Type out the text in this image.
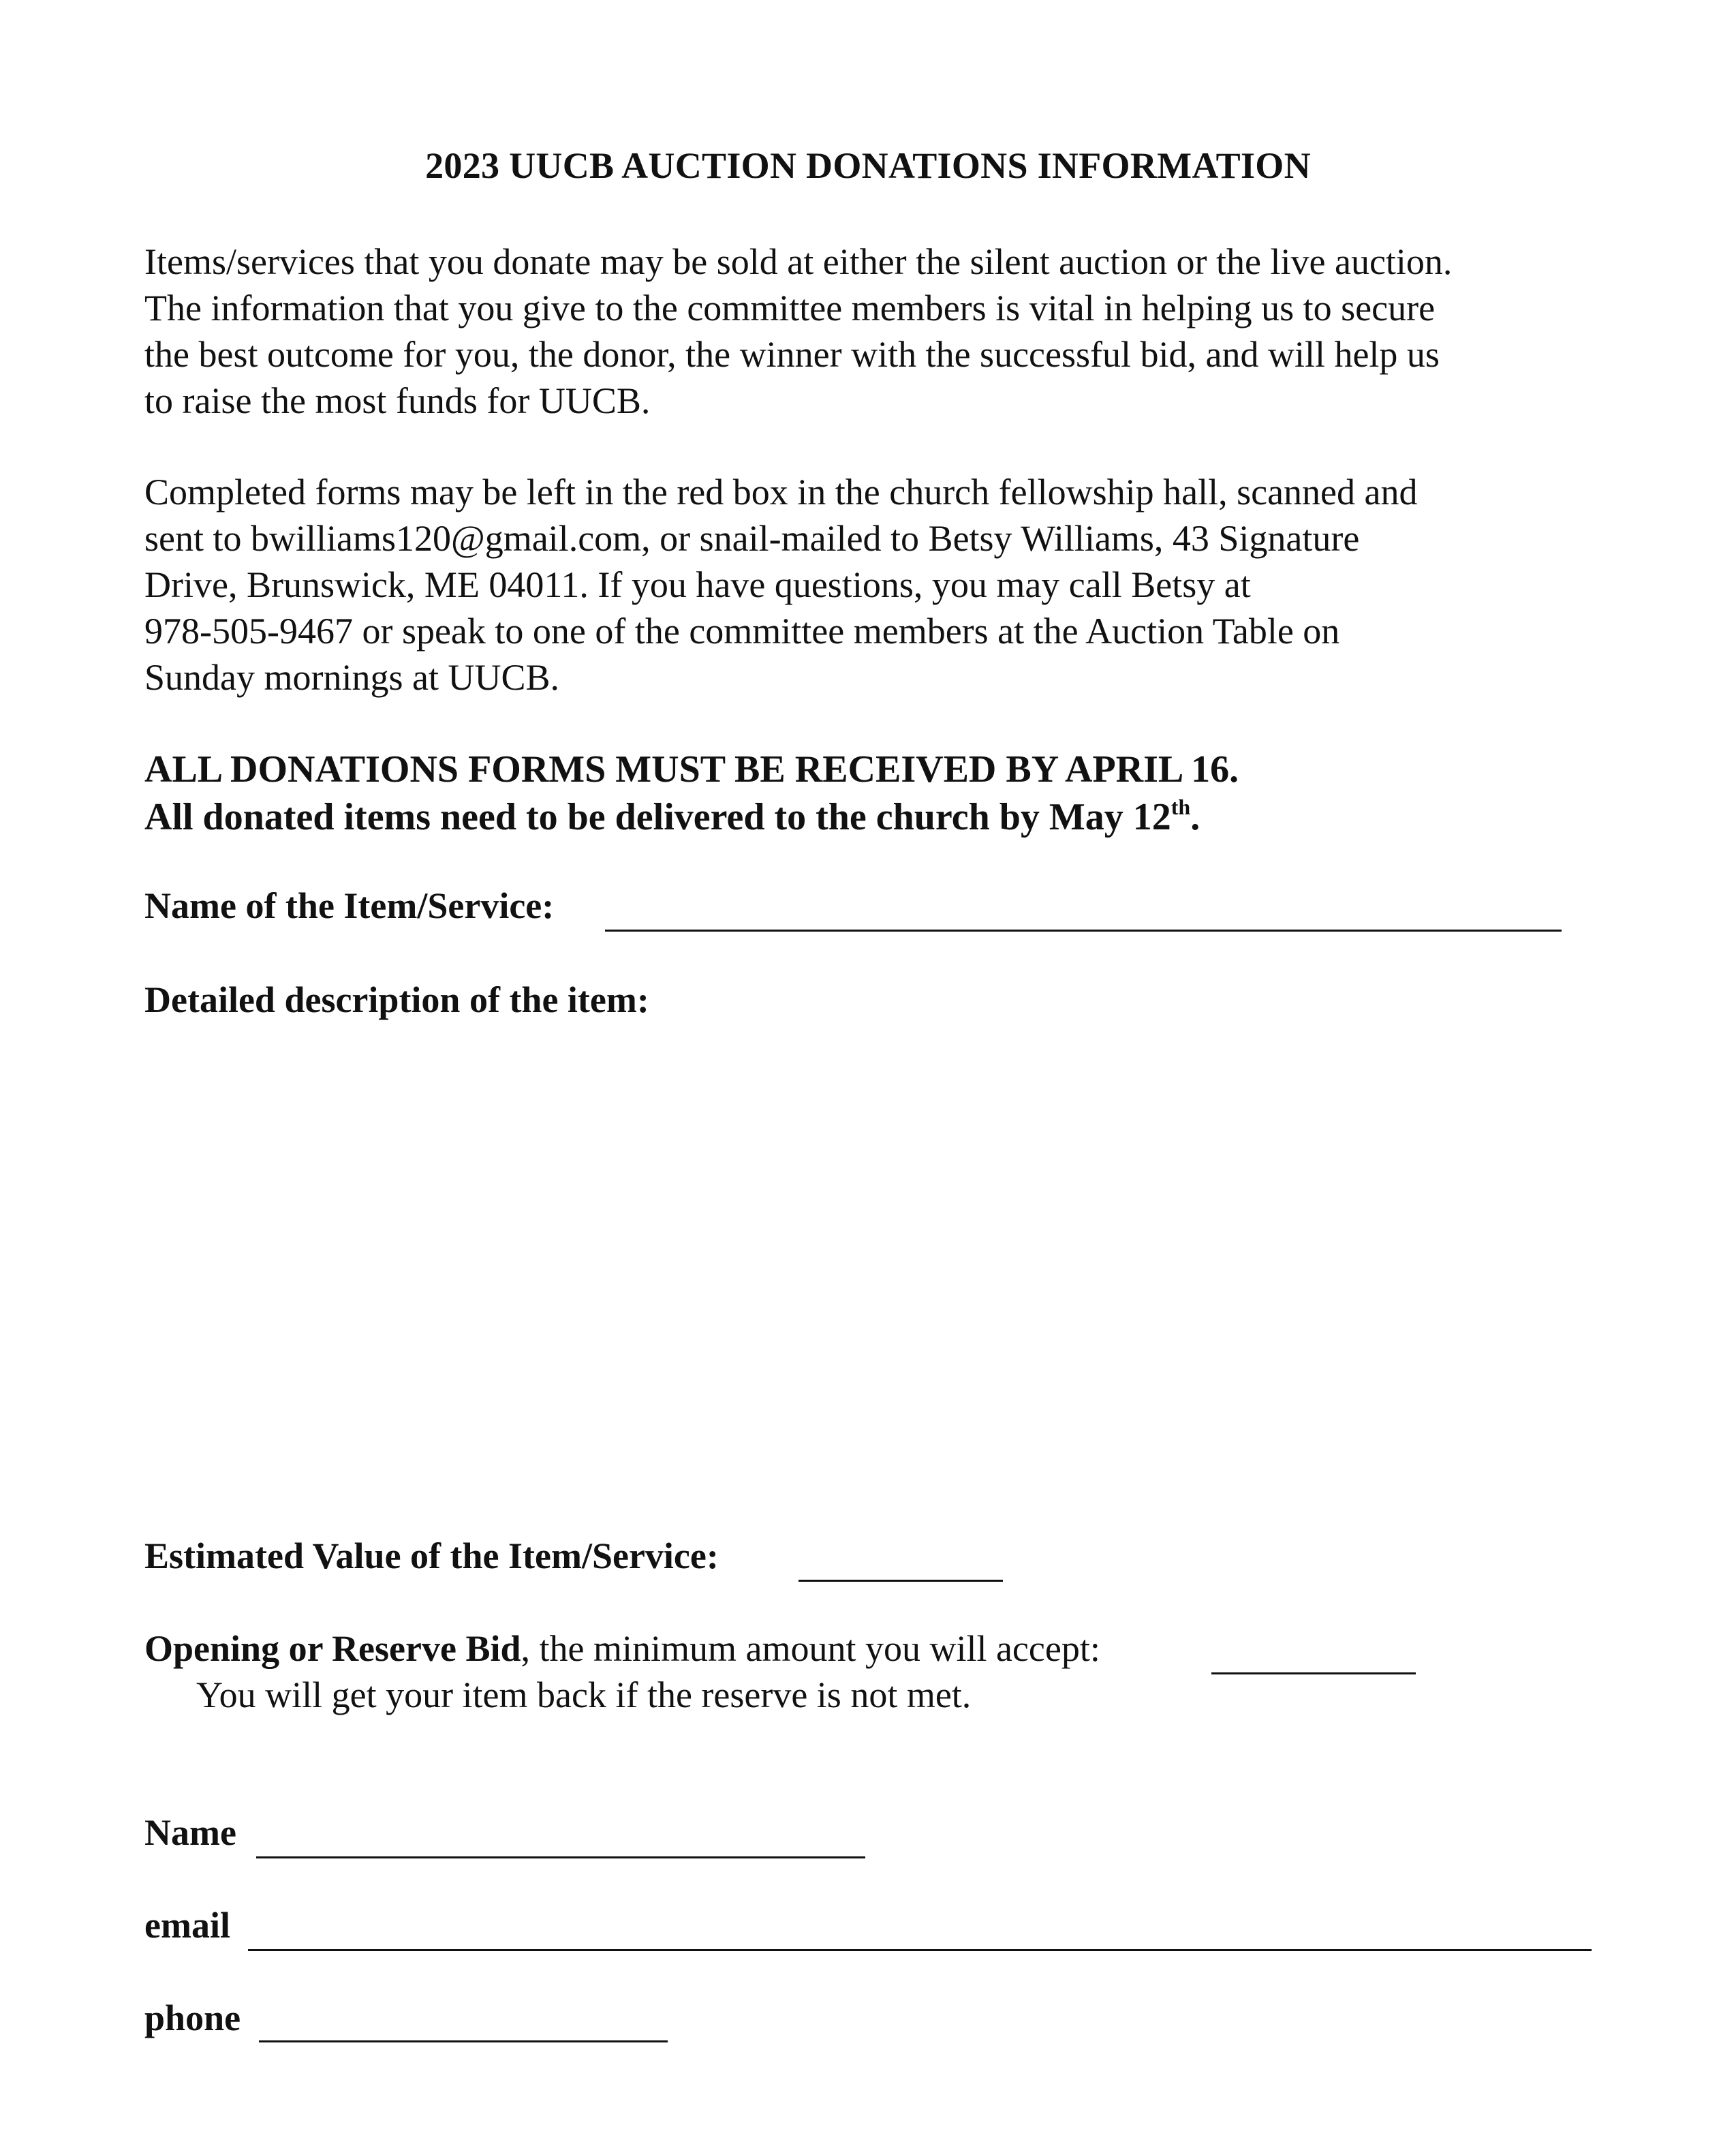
2023 UUCB AUCTION DONATIONS INFORMATION
Items/services that you donate may be sold at either the silent auction or the live auction.
The information that you give to the committee members is vital in helping us to secure
the best outcome for you, the donor, the winner with the successful bid, and will help us
to raise the most funds for UUCB.
Completed forms may be left in the red box in the church fellowship hall, scanned and
sent to bwilliams120@gmail.com, or snail-mailed to Betsy Williams, 43 Signature
Drive, Brunswick, ME 04011. If you have questions, you may call Betsy at
978-505-9467 or speak to one of the committee members at the Auction Table on
Sunday mornings at UUCB.
ALL DONATIONS FORMS MUST BE RECEIVED BY APRIL 16.
All donated items need to be delivered to the church by May 12th.
Name of the Item/Service:
Detailed description of the item:
Estimated Value of the Item/Service:
Opening or Reserve Bid, the minimum amount you will accept:
You will get your item back if the reserve is not met.
Name
email
phone
